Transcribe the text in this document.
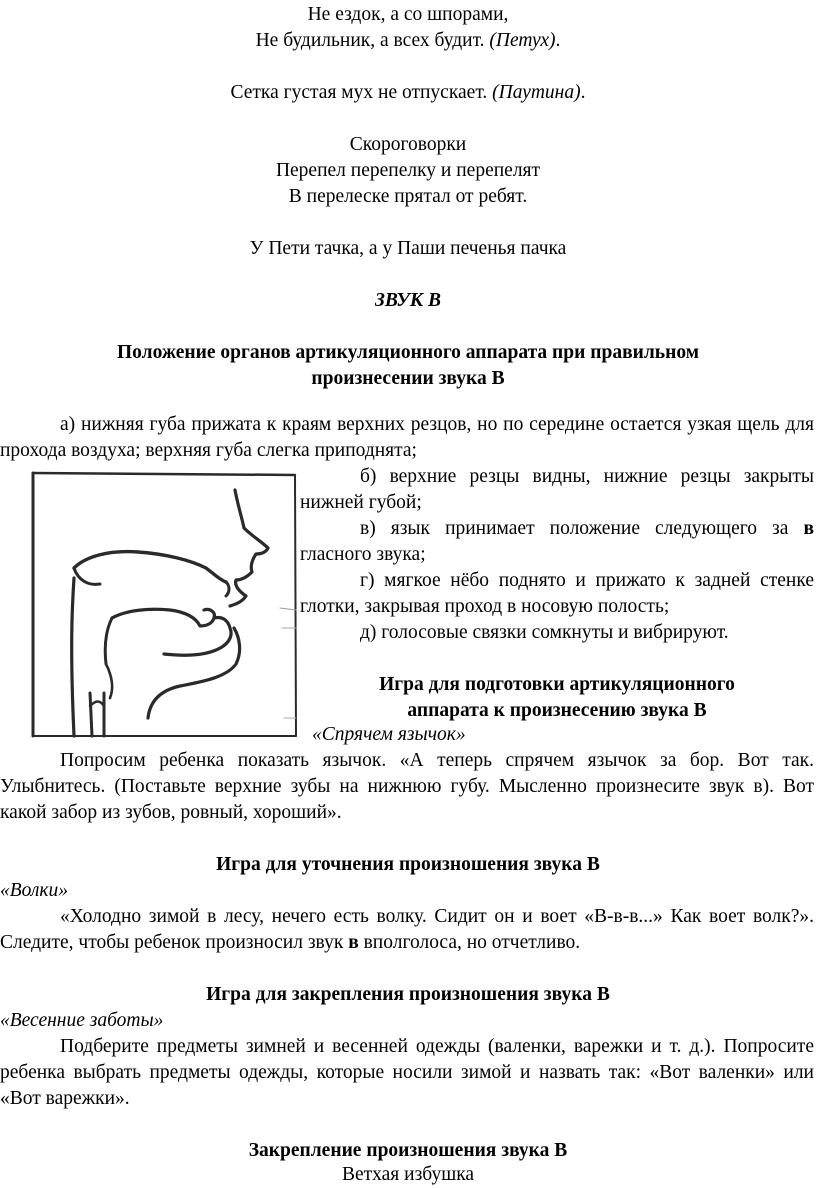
Не ездок, а со шпорами,
Не будильник, а всех будит. (Петух).
Сетка густая мух не отпускает. (Паутина).
Скороговорки
Перепел перепелку и перепелят
В перелеске прятал от ребят.
У Пети тачка, а у Паши печенья пачка
ЗВУК В
Положение органов артикуляционного аппарата при правильном
произнесении звука В

а) нижняя губа прижата к краям верхних резцов, но по середине остается узкая щель для прохода воздуха; верхняя губа слегка приподнята;

б) верхние резцы видны, нижние резцы закрыты нижней губой;

в) язык принимает положение следующего за в гласного звука;

г) мягкое нёбо поднято и прижато к задней стенке глотки, закрывая проход в носовую полость;

д) голосовые связки сомкнуты и вибрируют.

Игра для подготовки артикуляционного
аппарата к произнесению звука В
«Спрячем язычок»

Попросим ребенка показать язычок. «А теперь спрячем язычок за бор. Вот так. Улыбнитесь. (Поставьте верхние зубы на нижнюю губу. Мысленно произнесите звук в). Вот какой забор из зубов, ровный, хороший».

Игра для уточнения произношения звука В
«Волки»

«Холодно зимой в лесу, нечего есть волку. Сидит он и воет «В-в-в...» Как воет волк?». Следите, чтобы ребенок произносил звук в вполголоса, но отчетливо.

Игра для закрепления произношения звука В
«Весенние заботы»

Подберите предметы зимней и весенней одежды (валенки, варежки и т. д.). Попросите ребенка выбрать предметы одежды, которые носили зимой и назвать так: «Вот валенки» или «Вот варежки».

Закрепление произношения звука В
Ветхая избушка
